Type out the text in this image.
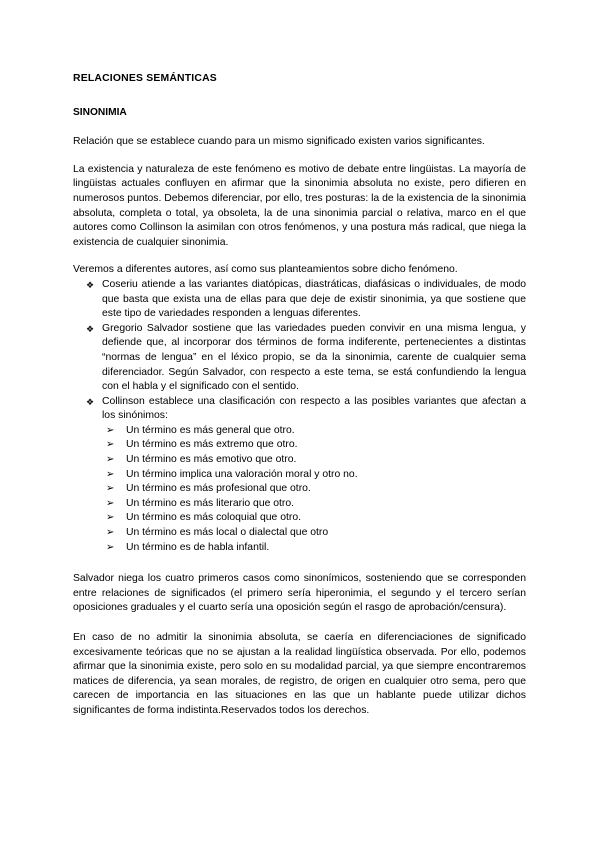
RELACIONES SEMÁNTICAS
SINONIMIA

Relación que se establece cuando para un mismo significado existen varios significantes.

La existencia y naturaleza de este fenómeno es motivo de debate entre lingüistas. La mayoría de lingüistas actuales confluyen en afirmar que la sinonimia absoluta no existe, pero difieren en numerosos puntos. Debemos diferenciar, por ello, tres posturas: la de la existencia de la sinonimia absoluta, completa o total, ya obsoleta, la de una sinonimia parcial o relativa, marco en el que autores como Collinson la asimilan con otros fenómenos, y una postura más radical, que niega la existencia de cualquier sinonimia.

Veremos a diferentes autores, así como sus planteamientos sobre dicho fenómeno.

❖ Coseriu atiende a las variantes diatópicas, diastráticas, diafásicas o individuales, de modo que basta que exista una de ellas para que deje de existir sinonimia, ya que sostiene que este tipo de variedades responden a lenguas diferentes.
❖ Gregorio Salvador sostiene que las variedades pueden convivir en una misma lengua, y defiende que, al incorporar dos términos de forma indiferente, pertenecientes a distintas “normas de lengua” en el léxico propio, se da la sinonimia, carente de cualquier sema diferenciador. Según Salvador, con respecto a este tema, se está confundiendo la lengua con el habla y el significado con el sentido.
❖ Collinson establece una clasificación con respecto a las posibles variantes que afectan a los sinónimos:
➢ Un término es más general que otro.
➢ Un término es más extremo que otro.
➢ Un término es más emotivo que otro.
➢ Un término implica una valoración moral y otro no.
➢ Un término es más profesional que otro.
➢ Un término es más literario que otro.
➢ Un término es más coloquial que otro.
➢ Un término es más local o dialectal que otro
➢ Un término es de habla infantil.

Salvador niega los cuatro primeros casos como sinonímicos, sosteniendo que se corresponden entre relaciones de significados (el primero sería hiperonimia, el segundo y el tercero serían oposiciones graduales y el cuarto sería una oposición según el rasgo de aprobación/censura).

En caso de no admitir la sinonimia absoluta, se caería en diferenciaciones de significado excesivamente teóricas que no se ajustan a la realidad lingüística observada. Por ello, podemos afirmar que la sinonimia existe, pero solo en su modalidad parcial, ya que siempre encontraremos matices de diferencia, ya sean morales, de registro, de origen en cualquier otro sema, pero que carecen de importancia en las situaciones en las que un hablante puede utilizar dichos significantes de forma indistinta.Reservados todos los derechos.
